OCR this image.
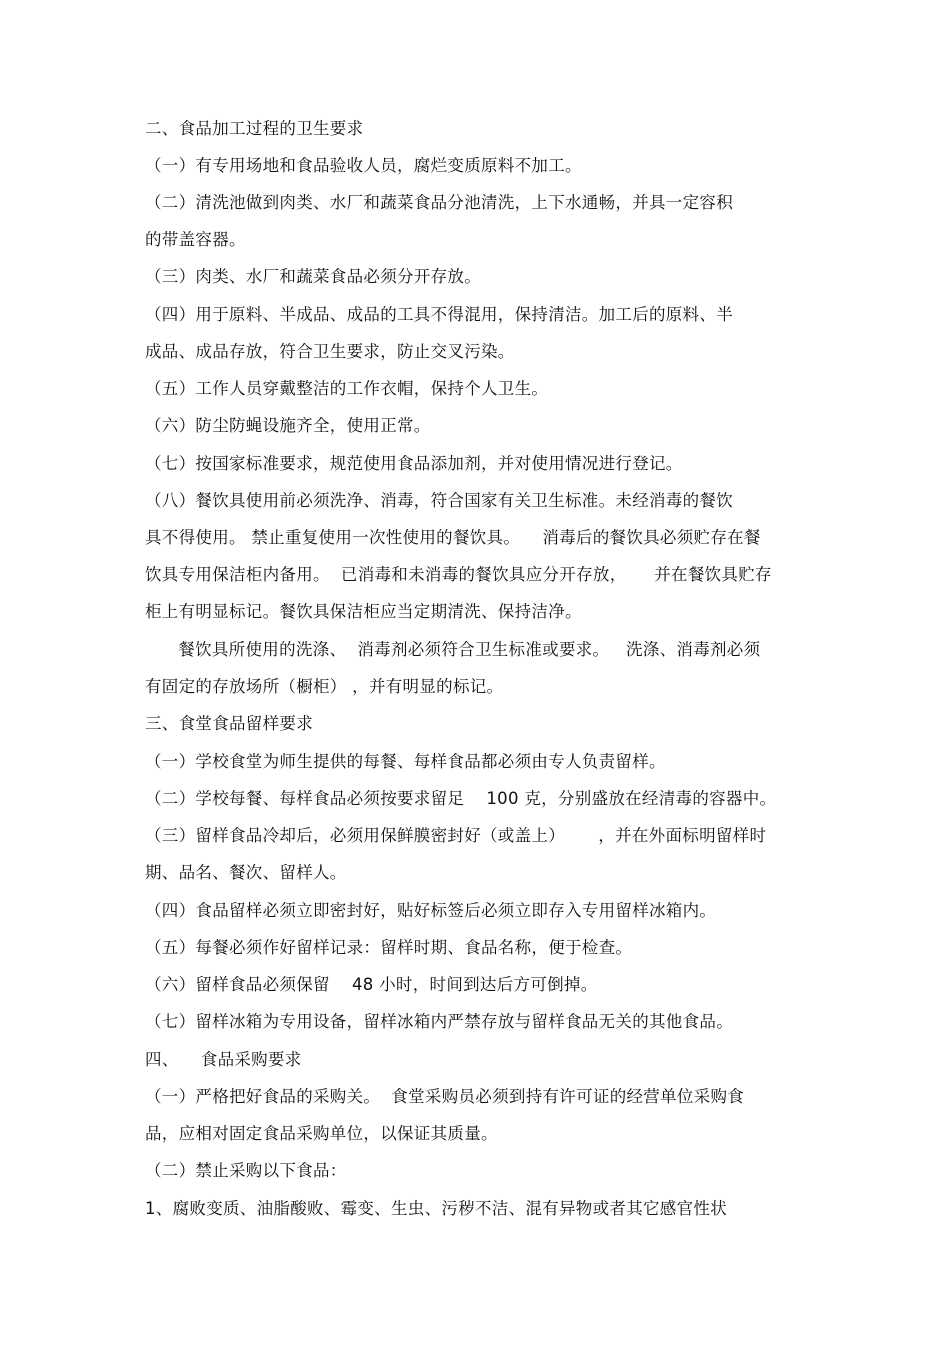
二、食品加工过程的卫生要求
（一）有专用场地和食品验收人员，腐烂变质原料不加工。
（二）清洗池做到肉类、水厂和蔬菜食品分池清洗，上下水通畅，并具一定容积
的带盖容器。
（三）肉类、水厂和蔬菜食品必须分开存放。
（四）用于原料、半成品、成品的工具不得混用，保持清洁。加工后的原料、半
成品、成品存放，符合卫生要求，防止交叉污染。
（五）工作人员穿戴整洁的工作衣帽，保持个人卫生。
（六）防尘防蝇设施齐全，使用正常。
（七）按国家标准要求，规范使用食品添加剂，并对使用情况进行登记。
（八）餐饮具使用前必须洗净、消毒，符合国家有关卫生标准。未经消毒的餐饮
具不得使用。 禁止重复使用一次性使用的餐饮具。    消毒后的餐饮具必须贮存在餐
饮具专用保洁柜内备用。  已消毒和未消毒的餐饮具应分开存放，     并在餐饮具贮存
柜上有明显标记。餐饮具保洁柜应当定期清洗、保持洁净。
餐饮具所使用的洗涤、  消毒剂必须符合卫生标准或要求。   洗涤、消毒剂必须
有固定的存放场所（橱柜） ，并有明显的标记。
三、食堂食品留样要求
（一）学校食堂为师生提供的每餐、每样食品都必须由专人负责留样。
（二）学校每餐、每样食品必须按要求留足    100 克，分别盛放在经清毒的容器中。
（三）留样食品冷却后，必须用保鲜膜密封好（或盖上）      ，并在外面标明留样时
期、品名、餐次、留样人。
（四）食品留样必须立即密封好，贴好标签后必须立即存入专用留样冰箱内。
（五）每餐必须作好留样记录：留样时期、食品名称，便于检查。
（六）留样食品必须保留    48 小时，时间到达后方可倒掉。
（七）留样冰箱为专用设备，留样冰箱内严禁存放与留样食品无关的其他食品。
四、    食品采购要求
（一）严格把好食品的采购关。  食堂采购员必须到持有许可证的经营单位采购食
品，应相对固定食品采购单位，以保证其质量。
（二）禁止采购以下食品：
1、腐败变质、油脂酸败、霉变、生虫、污秽不洁、混有异物或者其它感官性状
